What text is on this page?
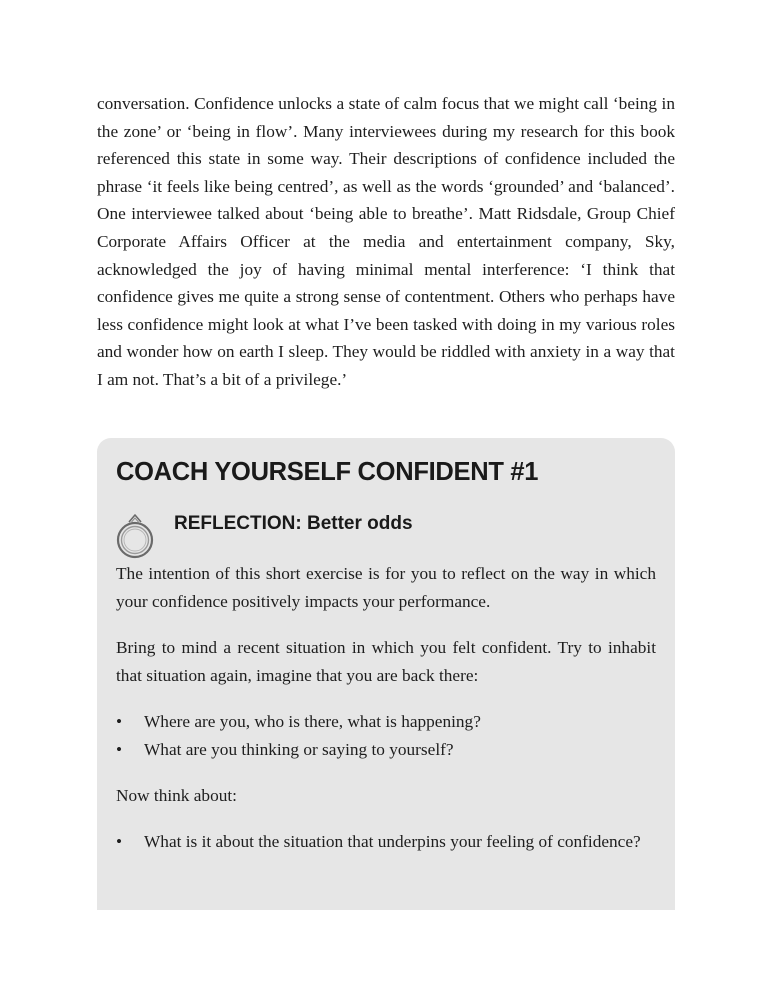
conversation. Confidence unlocks a state of calm focus that we might call ‘being in the zone’ or ‘being in flow’. Many interviewees during my research for this book referenced this state in some way. Their descriptions of confidence included the phrase ‘it feels like being centred’, as well as the words ‘grounded’ and ‘balanced’. One interviewee talked about ‘being able to breathe’. Matt Ridsdale, Group Chief Corporate Affairs Officer at the media and entertainment company, Sky, acknowledged the joy of having minimal mental interference: ‘I think that confidence gives me quite a strong sense of contentment. Others who perhaps have less confidence might look at what I’ve been tasked with doing in my various roles and wonder how on earth I sleep. They would be riddled with anxiety in a way that I am not. That’s a bit of a privilege.’

COACH YOURSELF CONFIDENT #1
REFLECTION: Better odds

The intention of this short exercise is for you to reflect on the way in which your confidence positively impacts your performance.

Bring to mind a recent situation in which you felt confident. Try to inhabit that situation again, imagine that you are back there:

• Where are you, who is there, what is happening?
• What are you thinking or saying to yourself?

Now think about:

• What is it about the situation that underpins your feeling of confidence?
